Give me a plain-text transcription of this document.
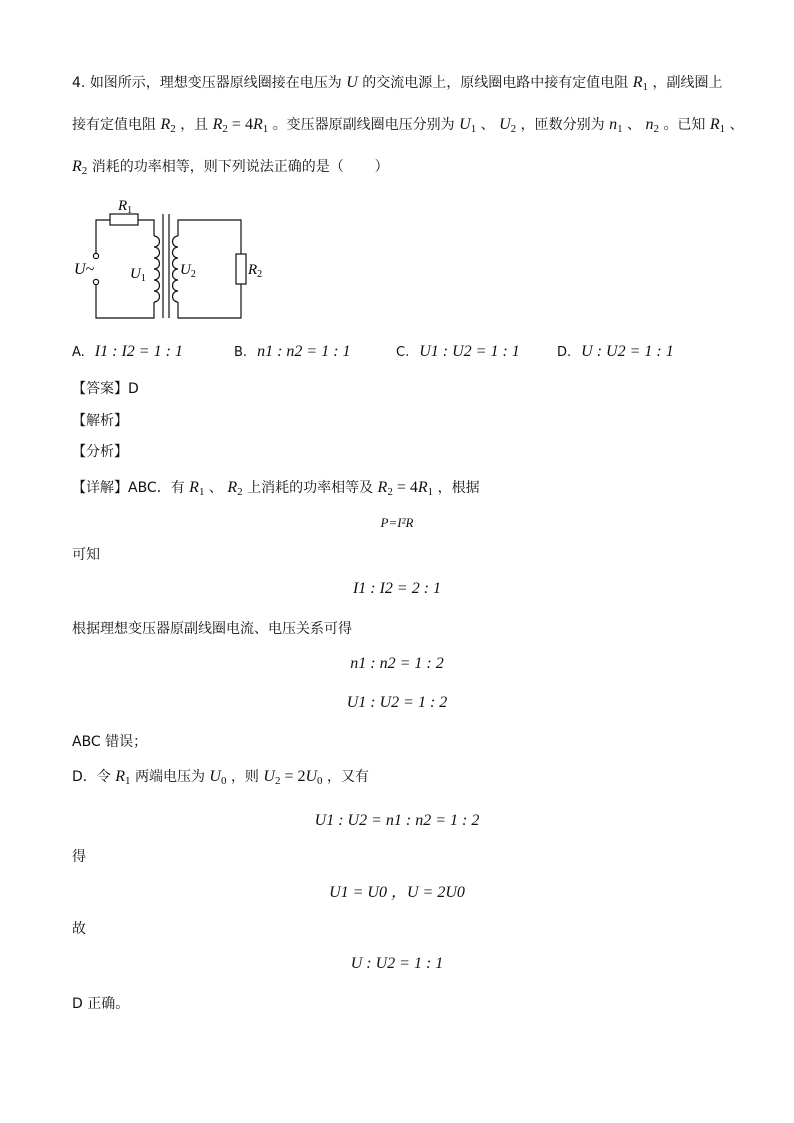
4. 如图所示，理想变压器原线圈接在电压为 U 的交流电源上，原线圈电路中接有定值电阻 $R_1$ ，副线圈上
接有定值电阻 $R_2$ ，且 $R_2 = 4R_1$ 。变压器原副线圈电压分别为 $U_1$ 、 $U_2$ ，匝数分别为 $n_1$ 、 $n_2$ 。已知 $R_1$ 、
$R_2$ 消耗的功率相等，则下列说法正确的是（ ）
$R_1$
U~ $U_1$
$U_2$	$R_2$
A. I1 : I2 = 1 : 1	B. n1 : n2 = 1 : 1	C. U1 : U2 = 1 : 1	D. U : U2 = 1 : 1
【答案】D
【解析】
【分析】
【详解】ABC．有 $R_1$ 、 $R_2$ 上消耗的功率相等及 $R_2 = 4R_1$ ，根据
P=I²R
可知
I1 : I2 = 2 : 1
根据理想变压器原副线圈电流、电压关系可得
n1 : n2 = 1 : 2
U1 : U2 = 1 : 2
ABC 错误；
D．令 $R_1$ 两端电压为 $U_0$ ，则 $U_2 = 2U_0$ ，又有
U1 : U2 = n1 : n2 = 1 : 2
得
U1 = U0 ，U = 2U0
故
U : U2 = 1 : 1
D 正确。
